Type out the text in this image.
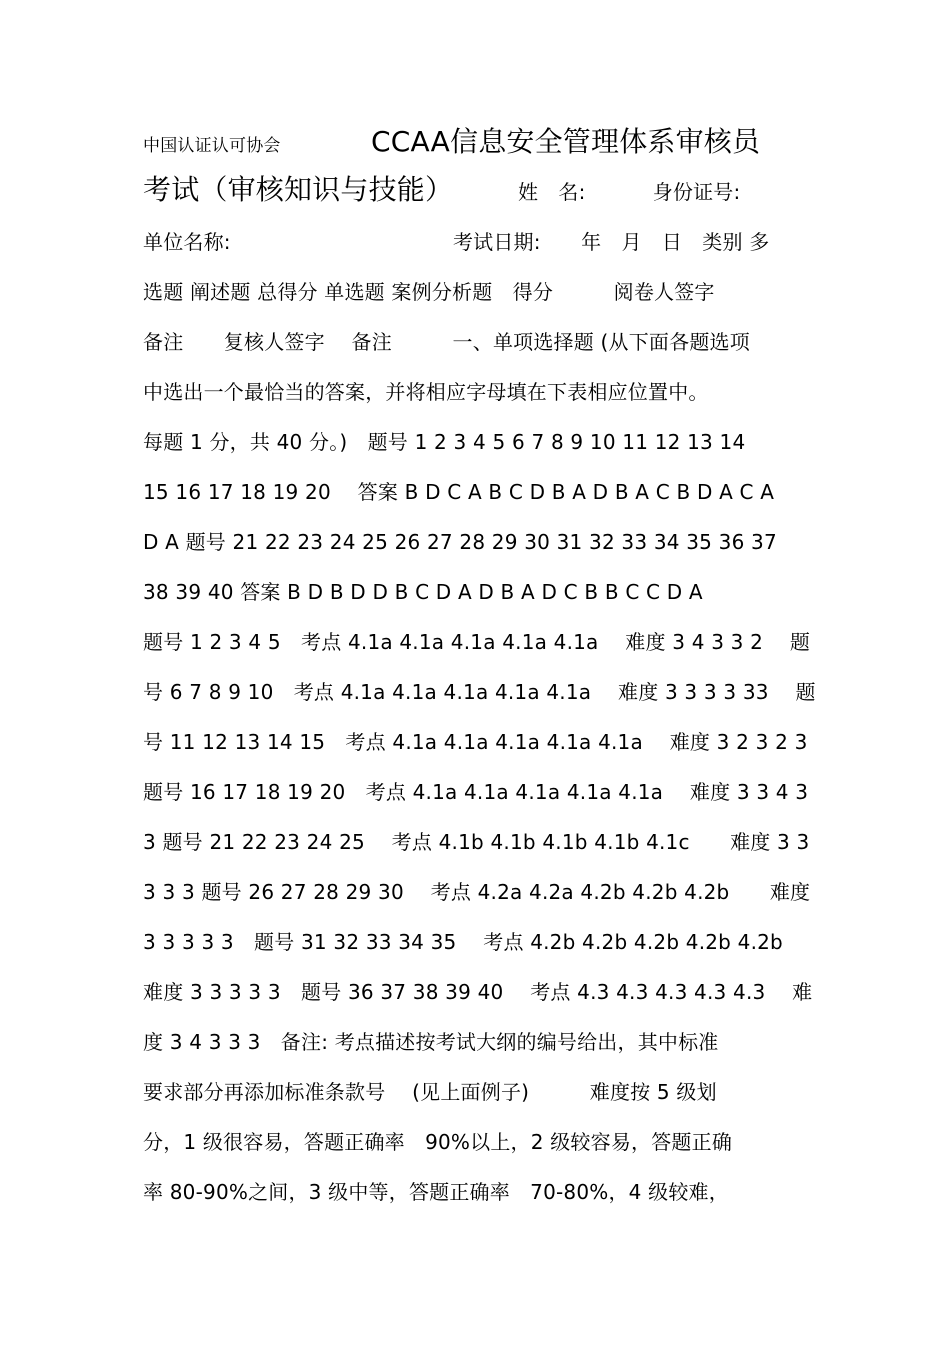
中国认证认可协会	CCAA信息安全管理体系审核员
考试（审核知识与技能）	姓　名:　　　 身份证号:
单位名称:　　　　　　　　　　　考试日期:　　年　月　日　类别 多
选题 阐述题 总得分 单选题 案例分析题　得分　　　阅卷人签字
备注　　复核人签字　 备注　　　一、单项选择题 (从下面各题选项
中选出一个最恰当的答案，并将相应字母填在下表相应位置中。
每题 1 分，共 40 分。)　题号 1 2 3 4 5 6 7 8 9 10 11 12 13 14
15 16 17 18 19 20　 答案 B D C A B C D B A D B A C B D A C A
D A 题号 21 22 23 24 25 26 27 28 29 30 31 32 33 34 35 36 37
38 39 40 答案 B D B D D B C D A D B A D C B B C C D A
题号 1 2 3 4 5　考点 4.1a 4.1a 4.1a 4.1a 4.1a　 难度 3 4 3 3 2　 题
号 6 7 8 9 10　考点 4.1a 4.1a 4.1a 4.1a 4.1a　 难度 3 3 3 3 33　 题
号 11 12 13 14 15　考点 4.1a 4.1a 4.1a 4.1a 4.1a　 难度 3 2 3 2 3
题号 16 17 18 19 20　考点 4.1a 4.1a 4.1a 4.1a 4.1a　 难度 3 3 4 3
3 题号 21 22 23 24 25　 考点 4.1b 4.1b 4.1b 4.1b 4.1c　　难度 3 3
3 3 3 题号 26 27 28 29 30　 考点 4.2a 4.2a 4.2b 4.2b 4.2b　　难度
3 3 3 3 3　题号 31 32 33 34 35　 考点 4.2b 4.2b 4.2b 4.2b 4.2b
难度 3 3 3 3 3　题号 36 37 38 39 40　 考点 4.3 4.3 4.3 4.3 4.3　 难
度 3 4 3 3 3　备注: 考点描述按考试大纲的编号给出，其中标准
要求部分再添加标准条款号　 (见上面例子)　　　难度按 5 级划
分，1 级很容易，答题正确率　90%以上，2 级较容易，答题正确
率 80-90%之间，3 级中等，答题正确率　70-80%，4 级较难，
